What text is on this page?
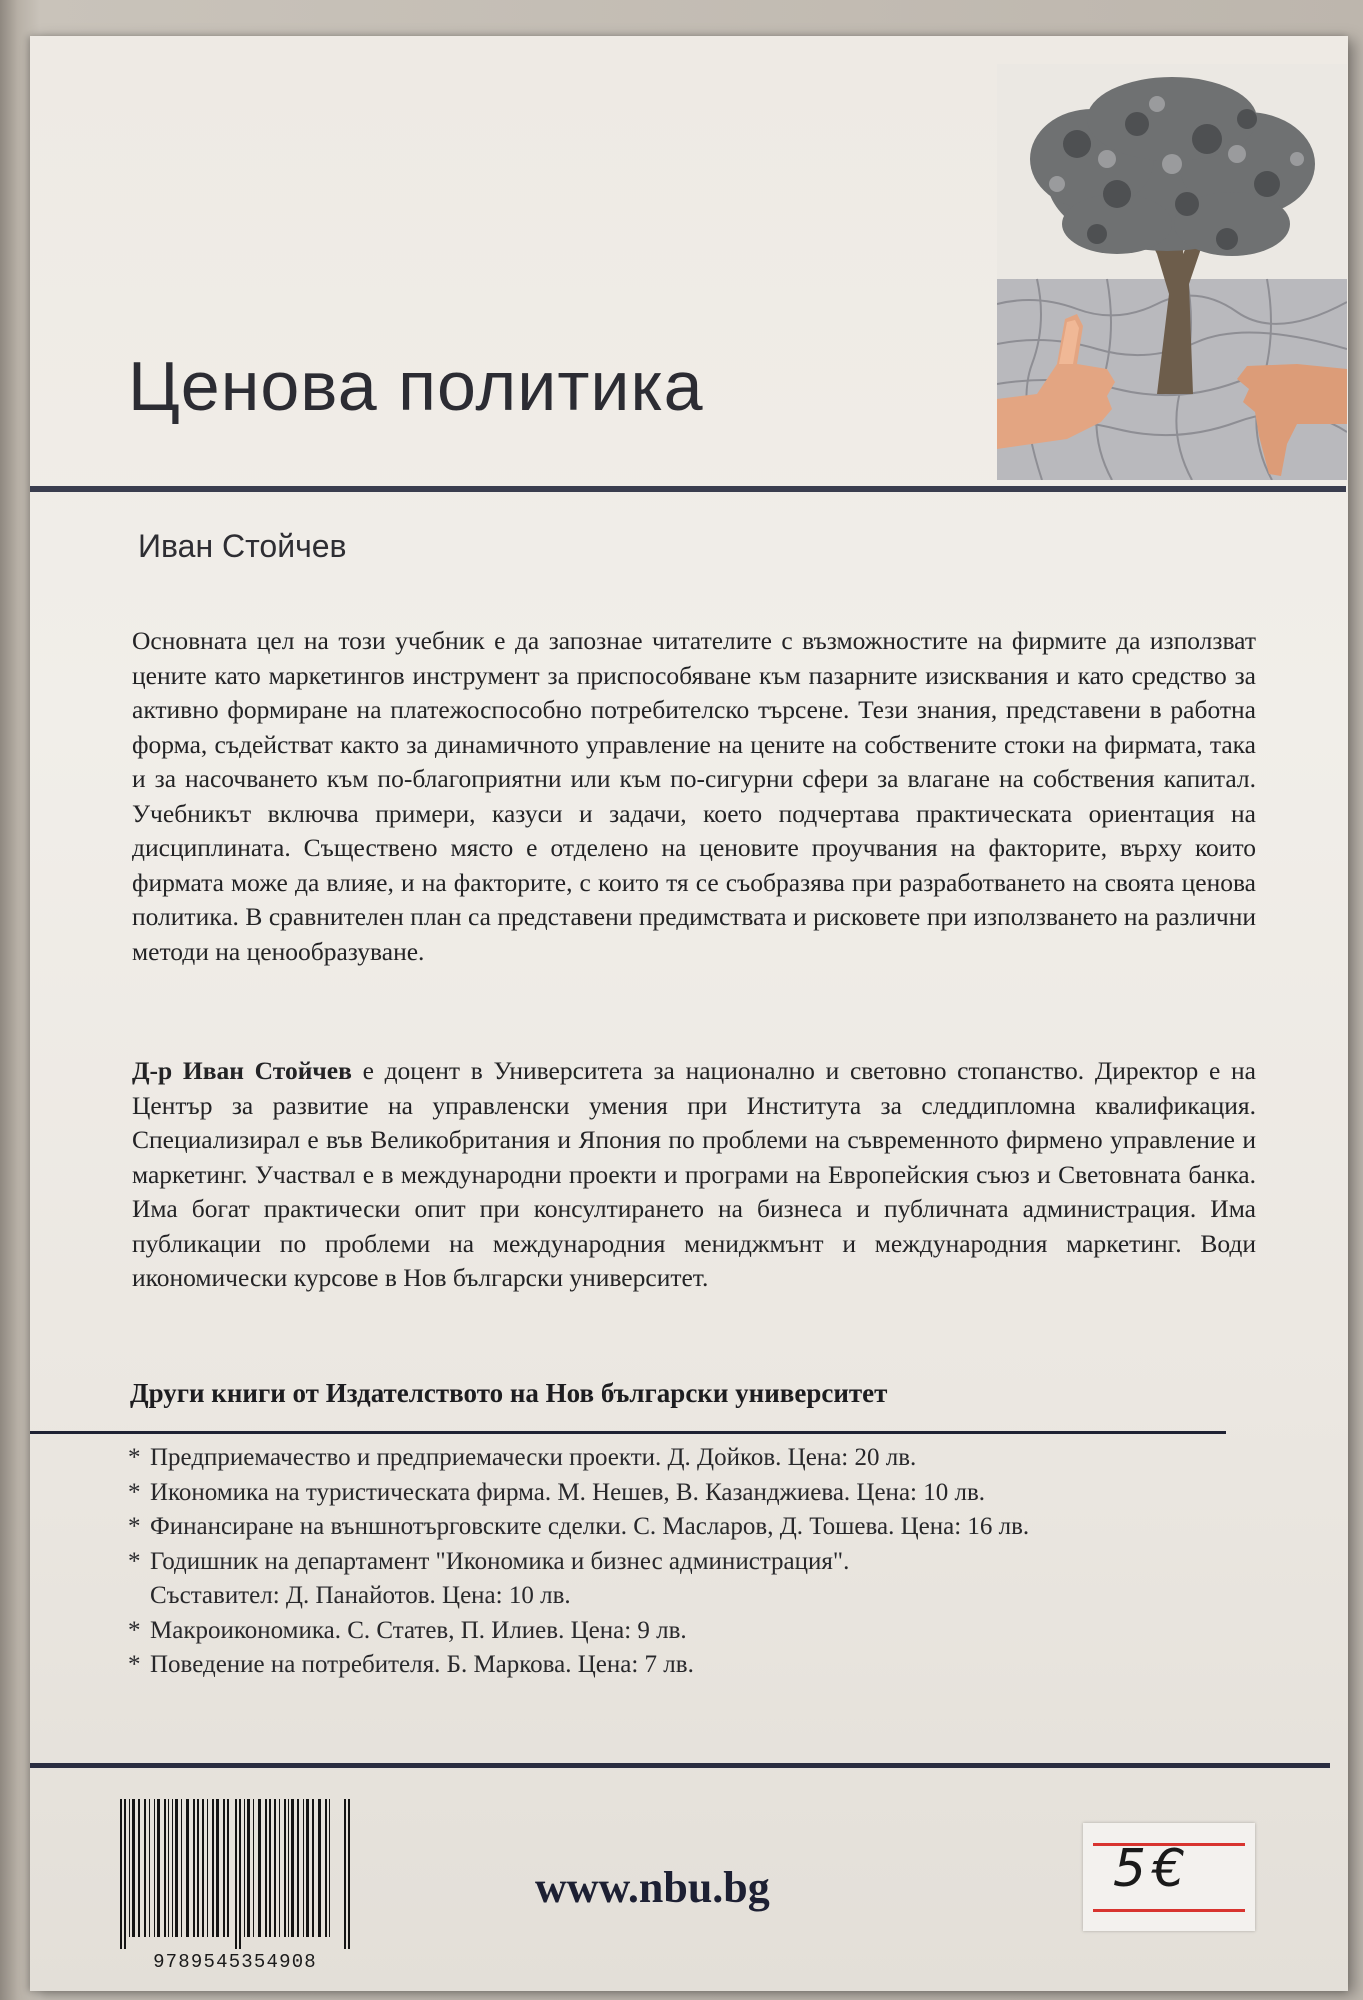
Ценова политика
Иван Стойчев

Основната цел на този учебник е да запознае читателите с възможностите на фирмите да използват цените като маркетингов инструмент за приспособяване към пазарните изисквания и като средство за активно формиране на платежоспособно потребителско търсене. Тези знания, представени в работна форма, съдействат както за динамичното управление на цените на собствените стоки на фирмата, така и за насочването към по-благоприятни или към по-сигурни сфери за влагане на собствения капитал. Учебникът включва примери, казуси и задачи, което подчертава практическата ориентация на дисциплината. Съществено място е отделено на ценовите проучвания на факторите, върху които фирмата може да влияе, и на факторите, с които тя се съобразява при разработването на своята ценова политика. В сравнителен план са представени предимствата и рисковете при използването на различни методи на ценообразуване.

Д-р Иван Стойчев е доцент в Университета за национално и световно стопанство. Директор е на Център за развитие на управленски умения при Института за следдипломна квалификация. Специализирал е във Великобритания и Япония по проблеми на съвременното фирмено управление и маркетинг. Участвал е в международни проекти и програми на Европейския съюз и Световната банка. Има богат практически опит при консултирането на бизнеса и публичната администрация. Има публикации по проблеми на международния мениджмънт и международния маркетинг. Води икономически курсове в Нов български университет.

Други книги от Издателството на Нов български университет
* Предприемачество и предприемачески проекти. Д. Дойков. Цена: 20 лв.
* Икономика на туристическата фирма. М. Нешев, В. Казанджиева. Цена: 10 лв.
* Финансиране на външнотърговските сделки. С. Масларов, Д. Тошева. Цена: 16 лв.
* Годишник на департамент "Икономика и бизнес администрация".
Съставител: Д. Панайотов. Цена: 10 лв.
* Макроикономика. С. Статев, П. Илиев. Цена: 9 лв.
* Поведение на потребителя. Б. Маркова. Цена: 7 лв.
9789545354908
www.nbu.bg	5€
